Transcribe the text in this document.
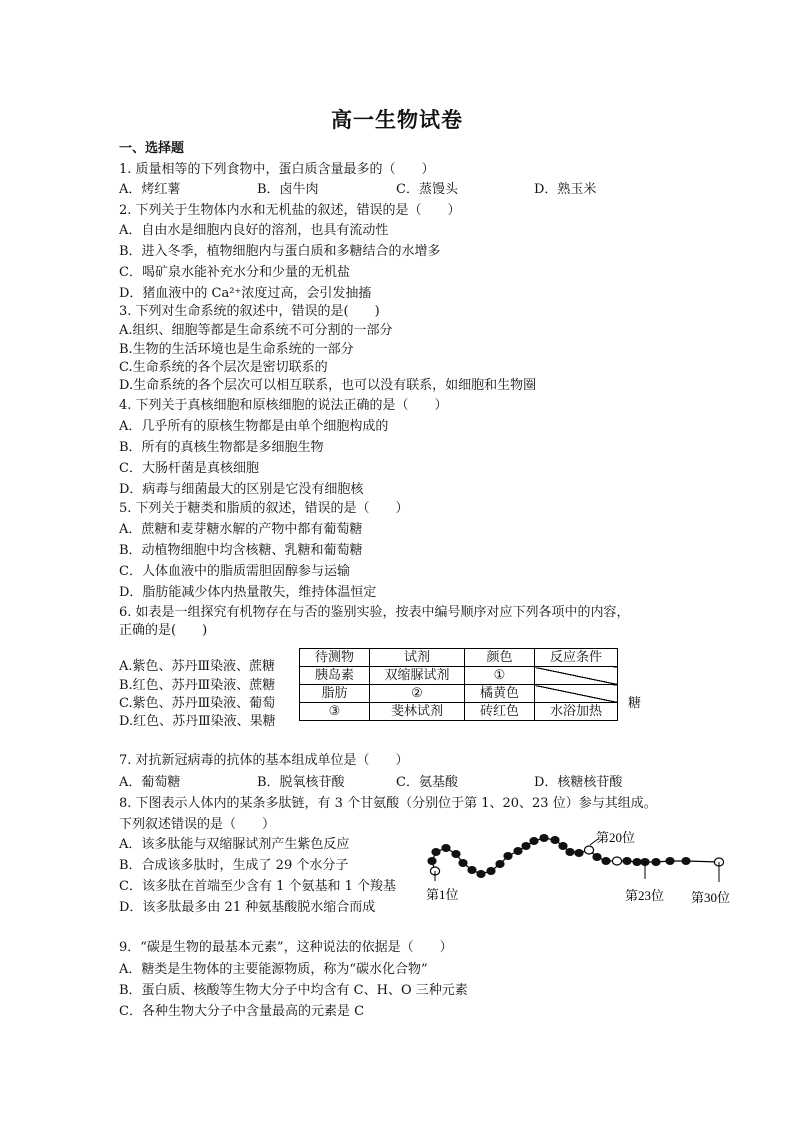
高一生物试卷
一、选择题
1. 质量相等的下列食物中，蛋白质含量最多的（　　）
A．烤红薯	B．卤牛肉	C．蒸馒头	D．熟玉米
2. 下列关于生物体内水和无机盐的叙述，错误的是（　　）
A．自由水是细胞内良好的溶剂，也具有流动性
B．进入冬季，植物细胞内与蛋白质和多糖结合的水增多
C．喝矿泉水能补充水分和少量的无机盐
D．猪血液中的 Ca²⁺浓度过高，会引发抽搐
3. 下列对生命系统的叙述中，错误的是(　　)
A.组织、细胞等都是生命系统不可分割的一部分
B.生物的生活环境也是生命系统的一部分
C.生命系统的各个层次是密切联系的
D.生命系统的各个层次可以相互联系，也可以没有联系，如细胞和生物圈
4. 下列关于真核细胞和原核细胞的说法正确的是（　　）
A．几乎所有的原核生物都是由单个细胞构成的
B．所有的真核生物都是多细胞生物
C．大肠杆菌是真核细胞
D．病毒与细菌最大的区别是它没有细胞核
5. 下列关于糖类和脂质的叙述，错误的是（　　）
A．蔗糖和麦芽糖水解的产物中都有葡萄糖
B．动植物细胞中均含核糖、乳糖和葡萄糖
C．人体血液中的脂质需胆固醇参与运输
D．脂肪能减少体内热量散失，维持体温恒定
6. 如表是一组探究有机物存在与否的鉴别实验，按表中编号顺序对应下列各项中的内容，
正确的是(　　)
A.紫色、苏丹Ⅲ染液、蔗糖
B.红色、苏丹Ⅲ染液、蔗糖
C.紫色、苏丹Ⅲ染液、葡萄
D.红色、苏丹Ⅲ染液、果糖
待测物	试剂	颜色	反应条件
胰岛素	双缩脲试剂	①	
脂肪	②	橘黄色	
③	斐林试剂	砖红色	水浴加热 糖
7. 对抗新冠病毒的抗体的基本组成单位是（　　）
A．葡萄糖	B．脱氧核苷酸	C．氨基酸	D．核糖核苷酸
8. 下图表示人体内的某条多肽链，有 3 个甘氨酸（分别位于第 1、20、23 位）参与其组成。
下列叙述错误的是（　　）
A．该多肽能与双缩脲试剂产生紫色反应
B．合成该多肽时，生成了 29 个水分子
C．该多肽在首端至少含有 1 个氨基和 1 个羧基
D．该多肽最多由 21 种氨基酸脱水缩合而成
第1位
第20位
第23位 第30位
9．“碳是生物的最基本元素”，这种说法的依据是（　　）
A．糖类是生物体的主要能源物质，称为“碳水化合物”
B．蛋白质、核酸等生物大分子中均含有 C、H、O 三种元素
C．各种生物大分子中含量最高的元素是 C
